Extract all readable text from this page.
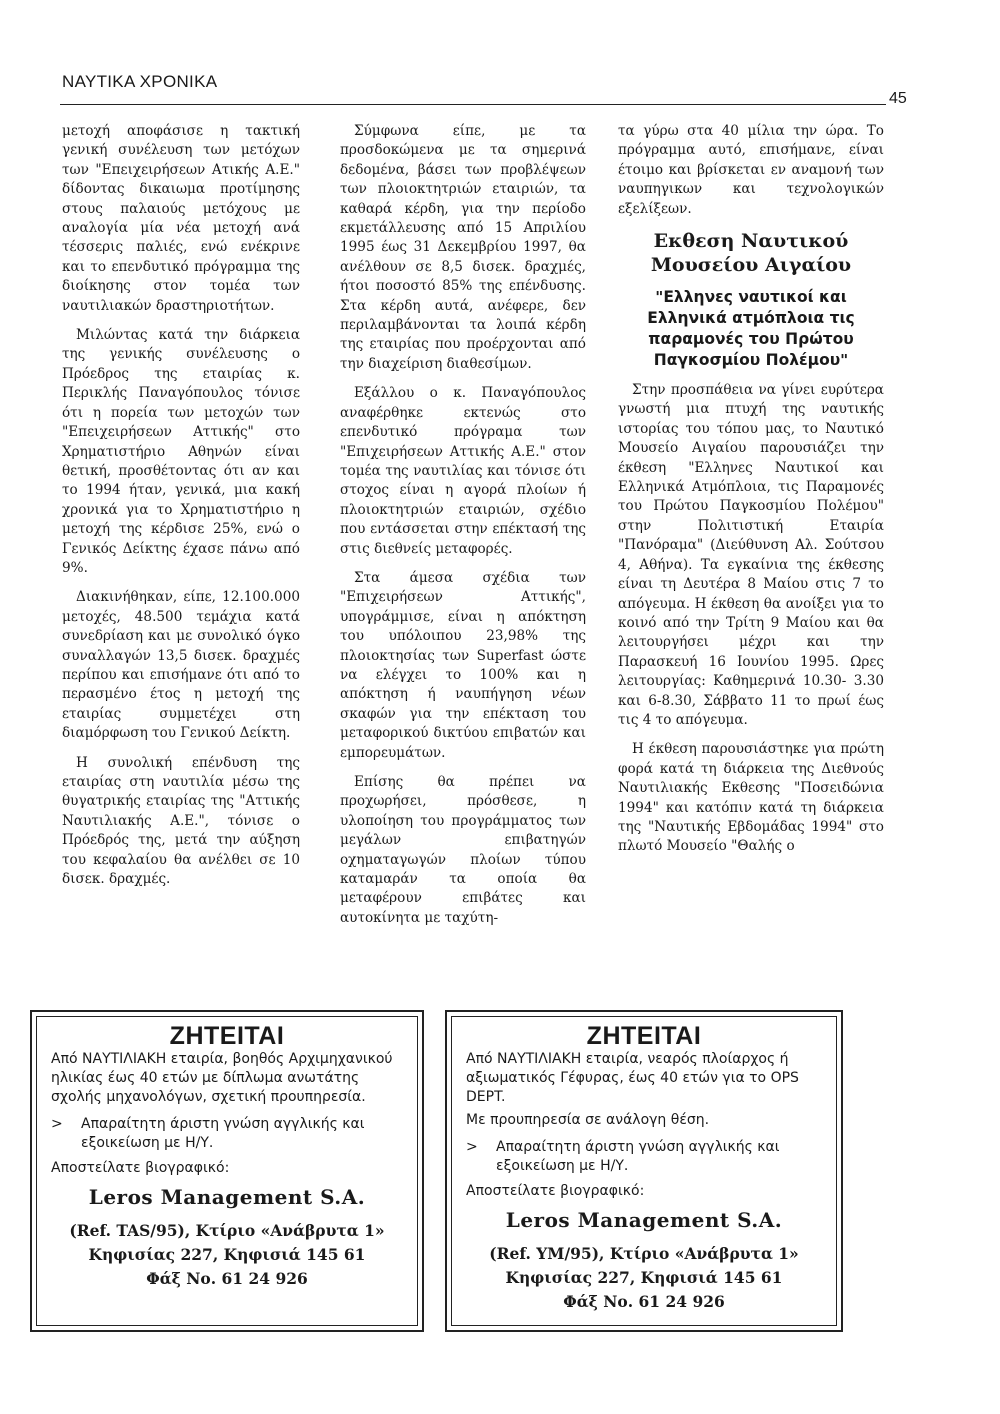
ΝΑΥΤΙΚΑ ΧΡΟΝΙΚΑ
45

μετοχή αποφάσισε η τακτική γενική συνέλευση των μετόχων των "Επειχειρήσεων Ατικής Α.Ε." δίδοντας δικαιωμα προτίμησης στους παλαιούς μετόχους με αναλογία μία νέα μετοχή ανά τέσσερις παλιές, ενώ ενέκρινε και το επενδυτικό πρόγραμμα της διοίκησης στον τομέα των ναυτιλιακών δραστηριοτήτων.

Μιλώντας κατά την διάρκεια της γενικής συνέλευσης ο Πρόεδρος της εταιρίας κ. Περικλής Παναγόπουλος τόνισε ότι η πορεία των μετοχών των "Επειχειρήσεων Αττικής" στο Χρηματιστήριο Αθηνών είναι θετική, προσθέτοντας ότι αν και το 1994 ήταν, γενικά, μια κακή χρονικά για το Χρηματιστήριο η μετοχή της κέρδισε 25%, ενώ ο Γενικός Δείκτης έχασε πάνω από 9%.

Διακινήθηκαν, είπε, 12.100.000 μετοχές, 48.500 τεμάχια κατά συνεδρίαση και με συνολικό όγκο συναλλαγών 13,5 δισεκ. δραχμές περίπου και επισήμανε ότι από το περασμένο έτος η μετοχή της εταιρίας συμμετέχει στη διαμόρφωση του Γενικού Δείκτη.

Η συνολική επένδυση της εταιρίας στη ναυτιλία μέσω της θυγατρικής εταιρίας της "Αττικής Ναυτιλιακής Α.Ε.", τόνισε ο Πρόεδρός της, μετά την αύξηση του κεφαλαίου θα ανέλθει σε 10 δισεκ. δραχμές.

Σύμφωνα είπε, με τα προσδοκώμενα με τα σημερινά δεδομένα, βάσει των προβλέψεων των πλοιοκτητριών εταιριών, τα καθαρά κέρδη, για την περίοδο εκμετάλλευσης από 15 Απριλίου 1995 έως 31 Δεκεμβρίου 1997, θα ανέλθουν σε 8,5 δισεκ. δραχμές, ήτοι ποσοστό 85% της επένδυσης. Στα κέρδη αυτά, ανέφερε, δεν περιλαμβάνονται τα λοιπά κέρδη της εταιρίας που προέρχονται από την διαχείριση διαθεσίμων.

Εξάλλου ο κ. Παναγόπουλος αναφέρθηκε εκτενώς στο επενδυτικό πρόγραμα των "Επιχειρήσεων Αττικής Α.Ε." στον τομέα της ναυτιλίας και τόνισε ότι στοχος είναι η αγορά πλοίων ή πλοιοκτητριών εταιριών, σχέδιο που εντάσσεται στην επέκτασή της στις διεθνείς μεταφορές.

Στα άμεσα σχέδια των "Επιχειρήσεων Αττικής", υπογράμμισε, είναι η απόκτηση του υπόλοιπου 23,98% της πλοιοκτησίας των Superfast ώστε να ελέγχει το 100% και η απόκτηση ή ναυπήγηση νέων σκαφών για την επέκταση του μεταφορικού δικτύου επιβατών και εμπορευμάτων.

Επίσης θα πρέπει να προχωρήσει, πρόσθεσε, η υλοποίηση του προγράμματος των μεγάλων επιβατηγών οχηματαγωγών πλοίων τύπου καταμαράν τα οποία θα μεταφέρουν επιβάτες και αυτοκίνητα με ταχύτη-

τα γύρω στα 40 μίλια την ώρα. Το πρόγραμμα αυτό, επισήμανε, είναι έτοιμο και βρίσκεται εν αναμονή των ναυπηγικων και τεχνολογικών εξελίξεων.

Εκθεση Ναυτικού Μουσείου Αιγαίου

"Ελληνες ναυτικοί και Ελληνικά ατμόπλοια τις παραμονές του Πρώτου Παγκοσμίου Πολέμου"

Στην προσπάθεια να γίνει ευρύτερα γνωστή μια πτυχή της ναυτικής ιστορίας του τόπου μας, το Ναυτικό Μουσείο Αιγαίου παρουσιάζει την έκθεση "Ελληνες Ναυτικοί και Ελληνικά Ατμόπλοια, τις Παραμονές του Πρώτου Παγκοσμίου Πολέμου" στην Πολιτιστική Εταιρία "Πανόραμα" (Διεύθυνση Αλ. Σούτσου 4, Αθήνα). Τα εγκαίνια της έκθεσης είναι τη Δευτέρα 8 Μαίου στις 7 το απόγευμα. Η έκθεση θα ανοίξει για το κοινό από την Τρίτη 9 Μαίου και θα λειτουργήσει μέχρι και την Παρασκευή 16 Ιουνίου 1995. Ωρες λειτουργίας: Καθημερινά 10.30- 3.30 και 6-8.30, Σάββατο 11 το πρωί έως τις 4 το απόγευμα.

Η έκθεση παρουσιάστηκε για πρώτη φορά κατά τη διάρκεια της Διεθνούς Ναυτιλιακής Εκθεσης "Ποσειδώνια 1994" και κατόπιν κατά τη διάρκεια της "Ναυτικής Εβδομάδας 1994" στο πλωτό Μουσείο "Θαλής ο

ΖΗΤΕΙΤΑΙ
Από ΝΑΥΤΙΛΙΑΚΗ εταιρία, βοηθός Αρχιμηχανικού ηλικίας έως 40 ετών με δίπλωμα ανωτάτης σχολής μηχανολόγων, σχετική προυπηρεσία.
>	Απαραίτητη άριστη γνώση αγγλικής και εξοικείωση με Η/Υ.
Αποστείλατε βιογραφικό:
Leros Management S.A.
(Ref. TAS/95), Κτίριο «Ανάβρυτα 1»
Κηφισίας 227, Κηφισιά 145 61
Φάξ Νο. 61 24 926
ΖΗΤΕΙΤΑΙ
Από ΝΑΥΤΙΛΙΑΚΗ εταιρία, νεαρός πλοίαρχος ή αξιωματικός Γέφυρας, έως 40 ετών για το OPS DEPT.
Με προυπηρεσία σε ανάλογη θέση.
>	Απαραίτητη άριστη γνώση αγγλικής και εξοικείωση με Η/Υ.
Αποστείλατε βιογραφικό:
Leros Management S.A.
(Ref. YM/95), Κτίριο «Ανάβρυτα 1»
Κηφισίας 227, Κηφισιά 145 61
Φάξ Νο. 61 24 926
